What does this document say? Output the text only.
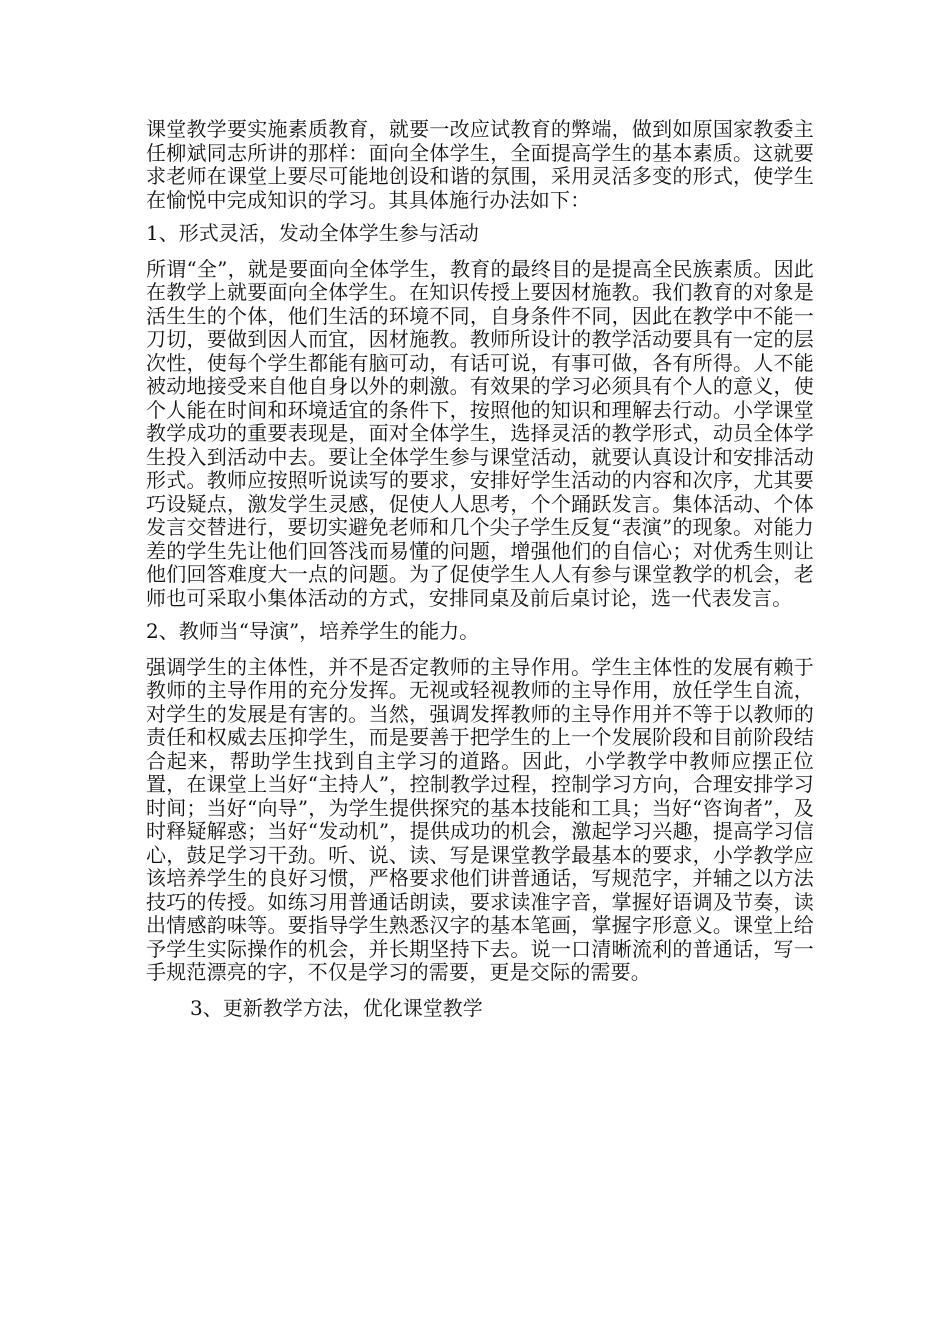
课堂教学要实施素质教育，就要一改应试教育的弊端，做到如原国家教委主任柳斌同志所讲的那样：面向全体学生，全面提高学生的基本素质。这就要求老师在课堂上要尽可能地创设和谐的氛围，采用灵活多变的形式，使学生在愉悦中完成知识的学习。其具体施行办法如下：

1、形式灵活，发动全体学生参与活动

所谓“全”，就是要面向全体学生，教育的最终目的是提高全民族素质。因此在教学上就要面向全体学生。在知识传授上要因材施教。我们教育的对象是活生生的个体，他们生活的环境不同，自身条件不同，因此在教学中不能一刀切，要做到因人而宜，因材施教。教师所设计的教学活动要具有一定的层次性，使每个学生都能有脑可动，有话可说，有事可做，各有所得。人不能被动地接受来自他自身以外的刺激。有效果的学习必须具有个人的意义，使个人能在时间和环境适宜的条件下，按照他的知识和理解去行动。小学课堂教学成功的重要表现是，面对全体学生，选择灵活的教学形式，动员全体学生投入到活动中去。要让全体学生参与课堂活动，就要认真设计和安排活动形式。教师应按照听说读写的要求，安排好学生活动的内容和次序，尤其要巧设疑点，激发学生灵感，促使人人思考，个个踊跃发言。集体活动、个体发言交替进行，要切实避免老师和几个尖子学生反复“表演”的现象。对能力差的学生先让他们回答浅而易懂的问题，增强他们的自信心；对优秀生则让他们回答难度大一点的问题。为了促使学生人人有参与课堂教学的机会，老师也可采取小集体活动的方式，安排同桌及前后桌讨论，选一代表发言。

2、教师当“导演”，培养学生的能力。

强调学生的主体性，并不是否定教师的主导作用。学生主体性的发展有赖于教师的主导作用的充分发挥。无视或轻视教师的主导作用，放任学生自流，对学生的发展是有害的。当然，强调发挥教师的主导作用并不等于以教师的责任和权威去压抑学生，而是要善于把学生的上一个发展阶段和目前阶段结合起来，帮助学生找到自主学习的道路。因此，小学教学中教师应摆正位置，在课堂上当好“主持人”，控制教学过程，控制学习方向，合理安排学习时间；当好“向导”，为学生提供探究的基本技能和工具；当好“咨询者”，及时释疑解惑；当好“发动机”，提供成功的机会，激起学习兴趣，提高学习信心，鼓足学习干劲。听、说、读、写是课堂教学最基本的要求，小学教学应该培养学生的良好习惯，严格要求他们讲普通话，写规范字，并辅之以方法技巧的传授。如练习用普通话朗读，要求读准字音，掌握好语调及节奏，读出情感韵味等。要指导学生熟悉汉字的基本笔画，掌握字形意义。课堂上给予学生实际操作的机会，并长期坚持下去。说一口清晰流利的普通话，写一手规范漂亮的字，不仅是学习的需要，更是交际的需要。

3、更新教学方法，优化课堂教学
